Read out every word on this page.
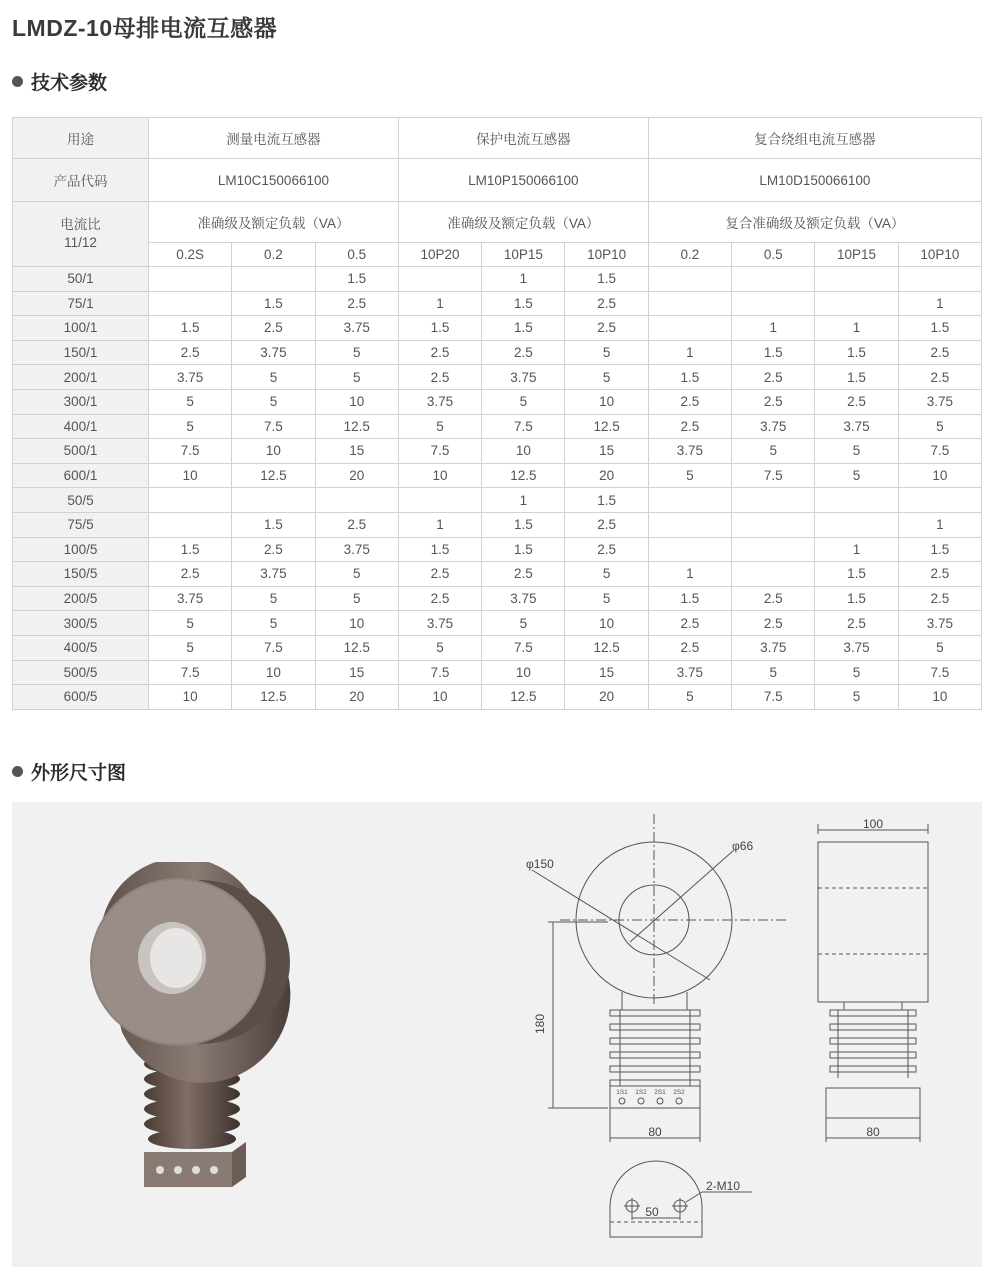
LMDZ-10母排电流互感器
技术参数
用途	测量电流互感器			保护电流互感器			复合绕组电流互感器			
产品代码	LM10C150066100			LM10P150066100			LM10D150066100			
电流比
11/12	准确级及额定负载（VA）			准确级及额定负载（VA）			复合准确级及额定负载（VA）			
	0.2S	0.2	0.5	10P20	10P15	10P10	0.2	0.5	10P15	10P10
50/1			1.5		1	1.5				
75/1		1.5	2.5	1	1.5	2.5				1
100/1	1.5	2.5	3.75	1.5	1.5	2.5		1	1	1.5
150/1	2.5	3.75	5	2.5	2.5	5	1	1.5	1.5	2.5
200/1	3.75	5	5	2.5	3.75	5	1.5	2.5	1.5	2.5
300/1	5	5	10	3.75	5	10	2.5	2.5	2.5	3.75
400/1	5	7.5	12.5	5	7.5	12.5	2.5	3.75	3.75	5
500/1	7.5	10	15	7.5	10	15	3.75	5	5	7.5
600/1	10	12.5	20	10	12.5	20	5	7.5	5	10
50/5					1	1.5				
75/5		1.5	2.5	1	1.5	2.5				1
100/5	1.5	2.5	3.75	1.5	1.5	2.5			1	1.5
150/5	2.5	3.75	5	2.5	2.5	5	1		1.5	2.5
200/5	3.75	5	5	2.5	3.75	5	1.5	2.5	1.5	2.5
300/5	5	5	10	3.75	5	10	2.5	2.5	2.5	3.75
400/5	5	7.5	12.5	5	7.5	12.5	2.5	3.75	3.75	5
500/5	7.5	10	15	7.5	10	15	3.75	5	5	7.5
600/5	10	12.5	20	10	12.5	20	5	7.5	5	10
外形尺寸图
φ150
φ66
180
80
100
80
50
2-M10
1S1 1S2 2S1 2S2
